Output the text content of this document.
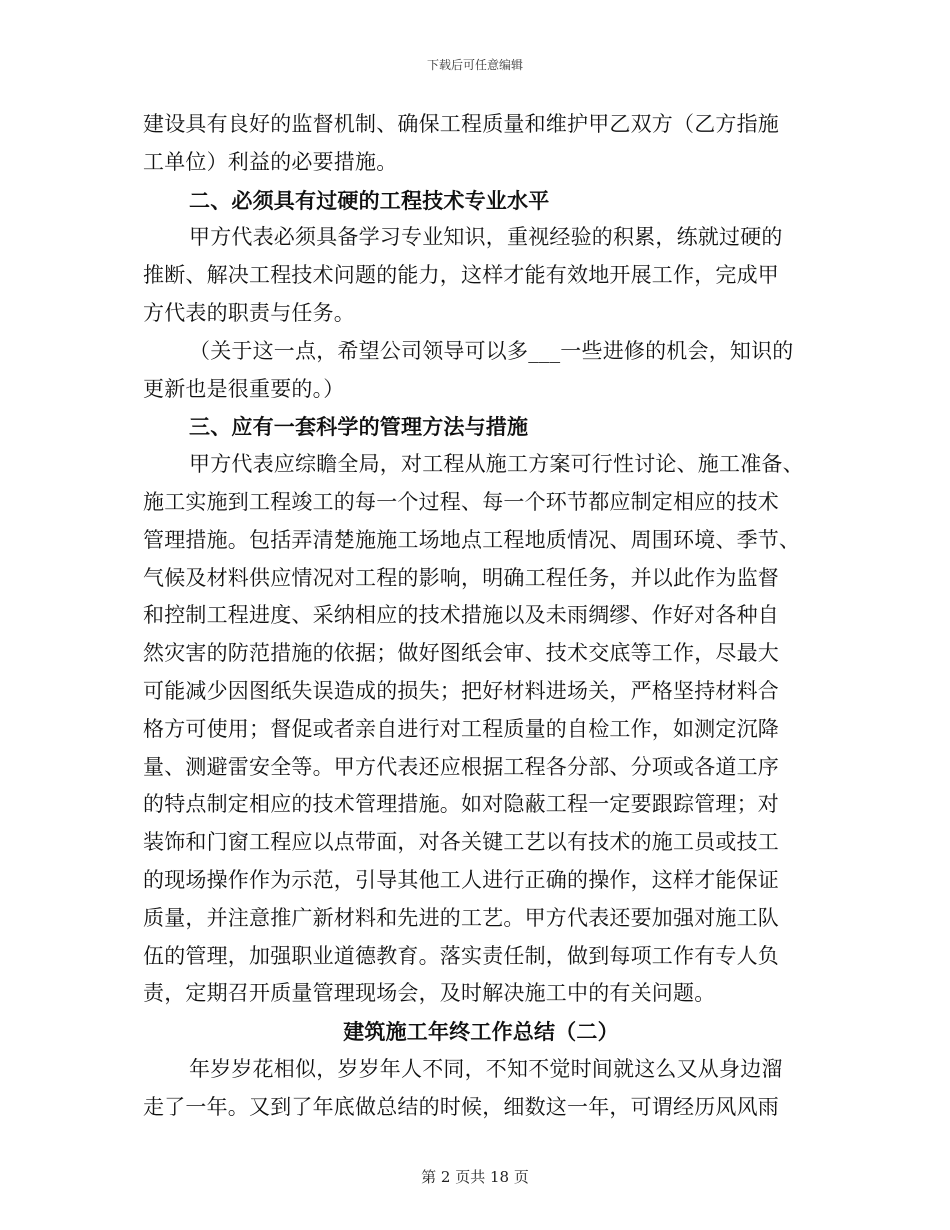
下载后可任意编辑
建设具有良好的监督机制、确保工程质量和维护甲乙双方（乙方指施
工单位）利益的必要措施。
二、必须具有过硬的工程技术专业水平
甲方代表必须具备学习专业知识，重视经验的积累，练就过硬的
推断、解决工程技术问题的能力，这样才能有效地开展工作，完成甲
方代表的职责与任务。
（关于这一点，希望公司领导可以多___一些进修的机会，知识的
更新也是很重要的。）
三、应有一套科学的管理方法与措施
甲方代表应综瞻全局，对工程从施工方案可行性讨论、施工准备、
施工实施到工程竣工的每一个过程、每一个环节都应制定相应的技术
管理措施。包括弄清楚施施工场地点工程地质情况、周围环境、季节、
气候及材料供应情况对工程的影响，明确工程任务，并以此作为监督
和控制工程进度、采纳相应的技术措施以及未雨绸缪、作好对各种自
然灾害的防范措施的依据；做好图纸会审、技术交底等工作，尽最大
可能减少因图纸失误造成的损失；把好材料进场关，严格坚持材料合
格方可使用；督促或者亲自进行对工程质量的自检工作，如测定沉降
量、测避雷安全等。甲方代表还应根据工程各分部、分项或各道工序
的特点制定相应的技术管理措施。如对隐蔽工程一定要跟踪管理；对
装饰和门窗工程应以点带面，对各关键工艺以有技术的施工员或技工
的现场操作作为示范，引导其他工人进行正确的操作，这样才能保证
质量，并注意推广新材料和先进的工艺。甲方代表还要加强对施工队
伍的管理，加强职业道德教育。落实责任制，做到每项工作有专人负
责，定期召开质量管理现场会，及时解决施工中的有关问题。
建筑施工年终工作总结（二）
年岁岁花相似，岁岁年人不同，不知不觉时间就这么又从身边溜
走了一年。又到了年底做总结的时候，细数这一年，可谓经历风风雨
第 2 页共 18 页
